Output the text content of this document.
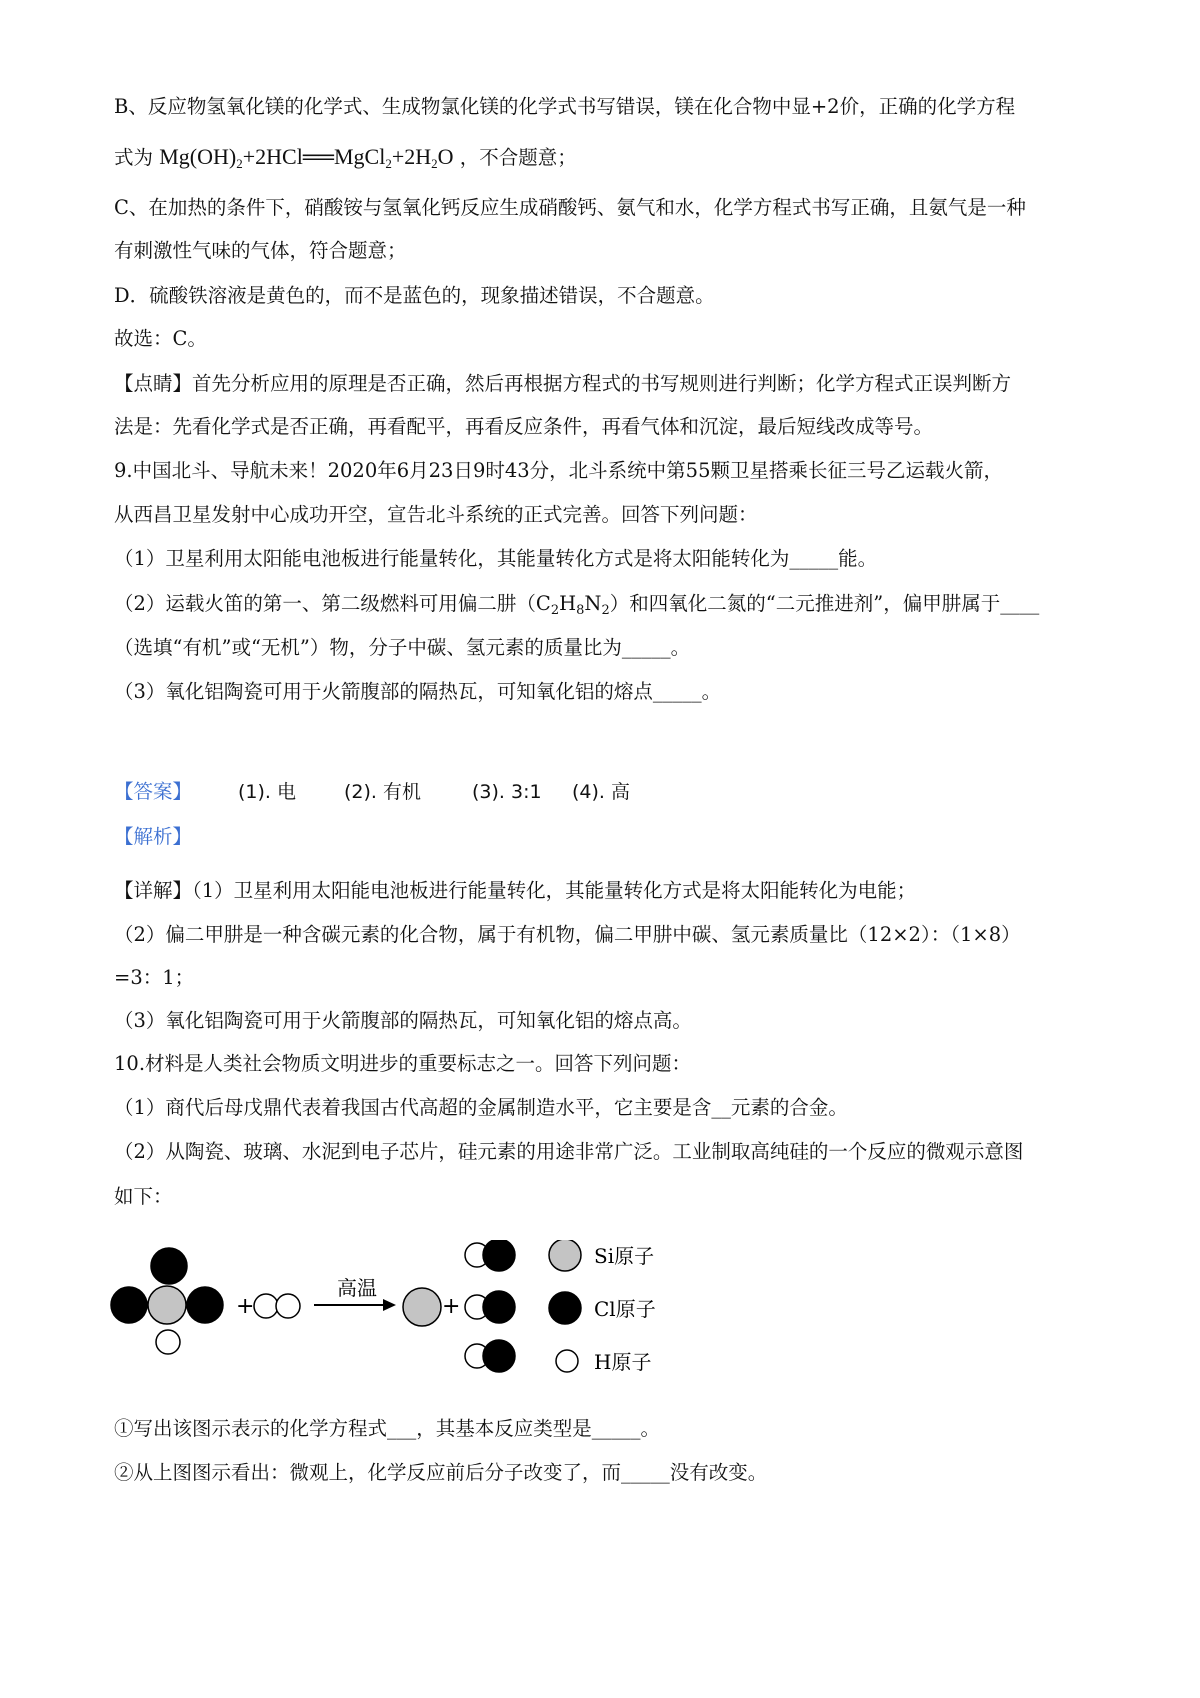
B、反应物氢氧化镁的化学式、生成物氯化镁的化学式书写错误，镁在化合物中显+2价，正确的化学方程
式为 $Mg(OH)_2+2HCl══MgCl_2+2H_2O$ ，不合题意；
C、在加热的条件下，硝酸铵与氢氧化钙反应生成硝酸钙、氨气和水，化学方程式书写正确，且氨气是一种
有刺激性气味的气体，符合题意；
D．硫酸铁溶液是黄色的，而不是蓝色的，现象描述错误，不合题意。
故选：C。
【点睛】首先分析应用的原理是否正确，然后再根据方程式的书写规则进行判断；化学方程式正误判断方
法是：先看化学式是否正确，再看配平，再看反应条件，再看气体和沉淀，最后短线改成等号。
9.中国北斗、导航未来！2020年6月23日9时43分，北斗系统中第55颗卫星搭乘长征三号乙运载火箭，
从西昌卫星发射中心成功开空，宣告北斗系统的正式完善。回答下列问题：
（1）卫星利用太阳能电池板进行能量转化，其能量转化方式是将太阳能转化为_____能。
（2）运载火笛的第一、第二级燃料可用偏二肼$(C_2H_8N_2)$和四氧化二氮的“二元推进剂”，偏甲肼属于____
（选填“有机”或“无机”）物，分子中碳、氢元素的质量比为_____。
（3）氧化铝陶瓷可用于火箭腹部的隔热瓦，可知氧化铝的熔点_____。
【答案】 (1). 电	(2). 有机	(3). 3:1 (4). 高
【解析】
【详解】（1）卫星利用太阳能电池板进行能量转化，其能量转化方式是将太阳能转化为电能；
（2）偏二甲肼是一种含碳元素的化合物，属于有机物，偏二甲肼中碳、氢元素质量比（12×2）：（1×8）
=3：1；
（3）氧化铝陶瓷可用于火箭腹部的隔热瓦，可知氧化铝的熔点高。
10.材料是人类社会物质文明进步的重要标志之一。回答下列问题：
（1）商代后母戊鼎代表着我国古代高超的金属制造水平，它主要是含__元素的合金。
（2）从陶瓷、玻璃、水泥到电子芯片，硅元素的用途非常广泛。工业制取高纯硅的一个反应的微观示意图
如下：
+
高温
+
Si原子
Cl原子
H原子
①写出该图示表示的化学方程式___，其基本反应类型是_____。
②从上图图示看出：微观上，化学反应前后分子改变了，而_____没有改变。
